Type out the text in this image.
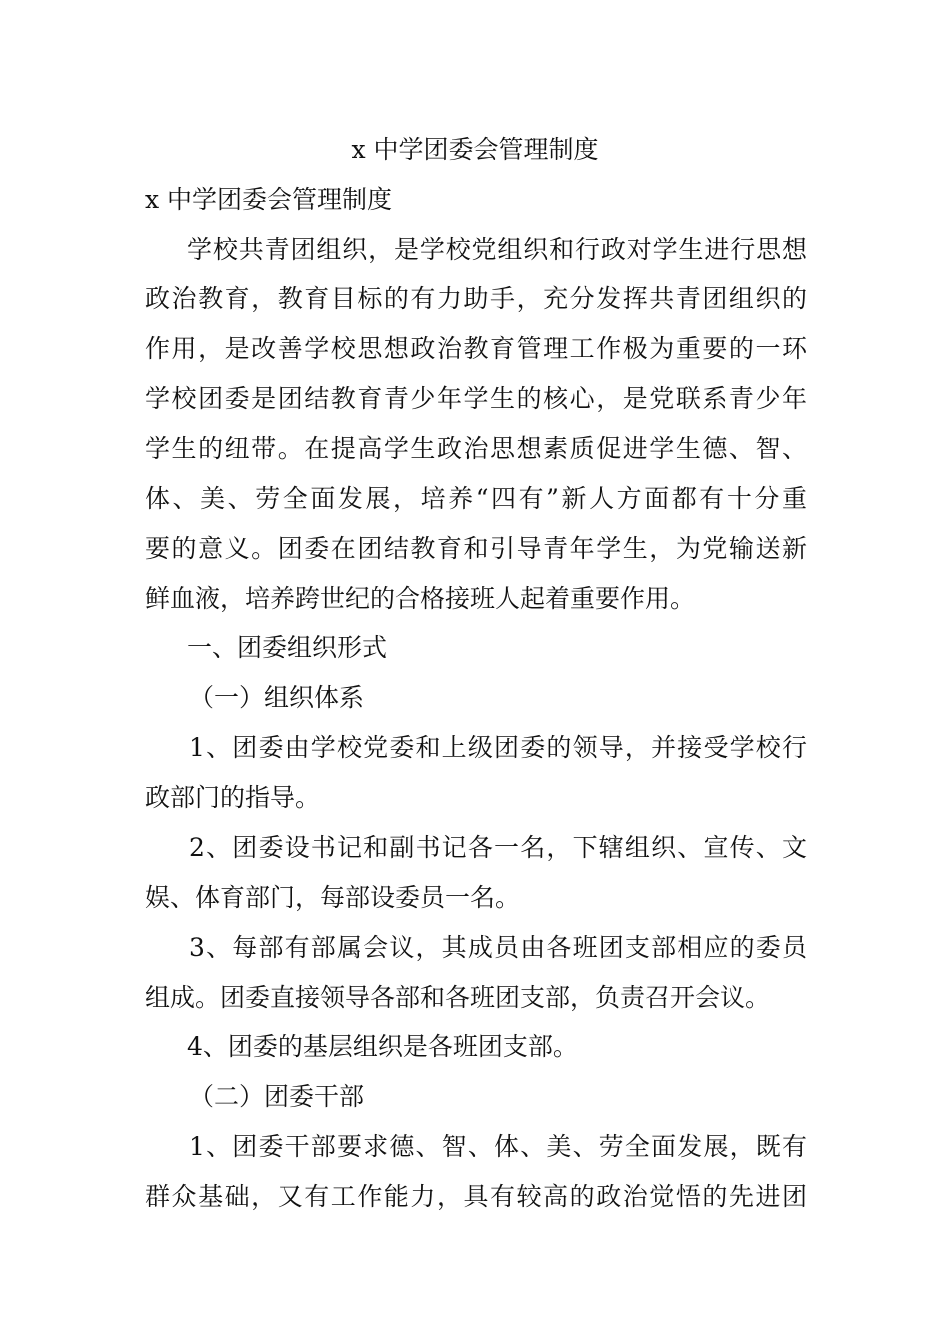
x 中学团委会管理制度
x 中学团委会管理制度
学校共青团组织，是学校党组织和行政对学生进行思想
政治教育，教育目标的有力助手，充分发挥共青团组织的
作用，是改善学校思想政治教育管理工作极为重要的一环
学校团委是团结教育青少年学生的核心，是党联系青少年
学生的纽带。在提高学生政治思想素质促进学生德、智、
体、美、劳全面发展，培养“四有”新人方面都有十分重
要的意义。团委在团结教育和引导青年学生，为党输送新
鲜血液，培养跨世纪的合格接班人起着重要作用。
一、团委组织形式
（一）组织体系
1、团委由学校党委和上级团委的领导，并接受学校行
政部门的指导。
2、团委设书记和副书记各一名，下辖组织、宣传、文
娱、体育部门，每部设委员一名。
3、每部有部属会议，其成员由各班团支部相应的委员
组成。团委直接领导各部和各班团支部，负责召开会议。
4、团委的基层组织是各班团支部。
（二）团委干部
1、团委干部要求德、智、体、美、劳全面发展，既有
群众基础，又有工作能力，具有较高的政治觉悟的先进团
